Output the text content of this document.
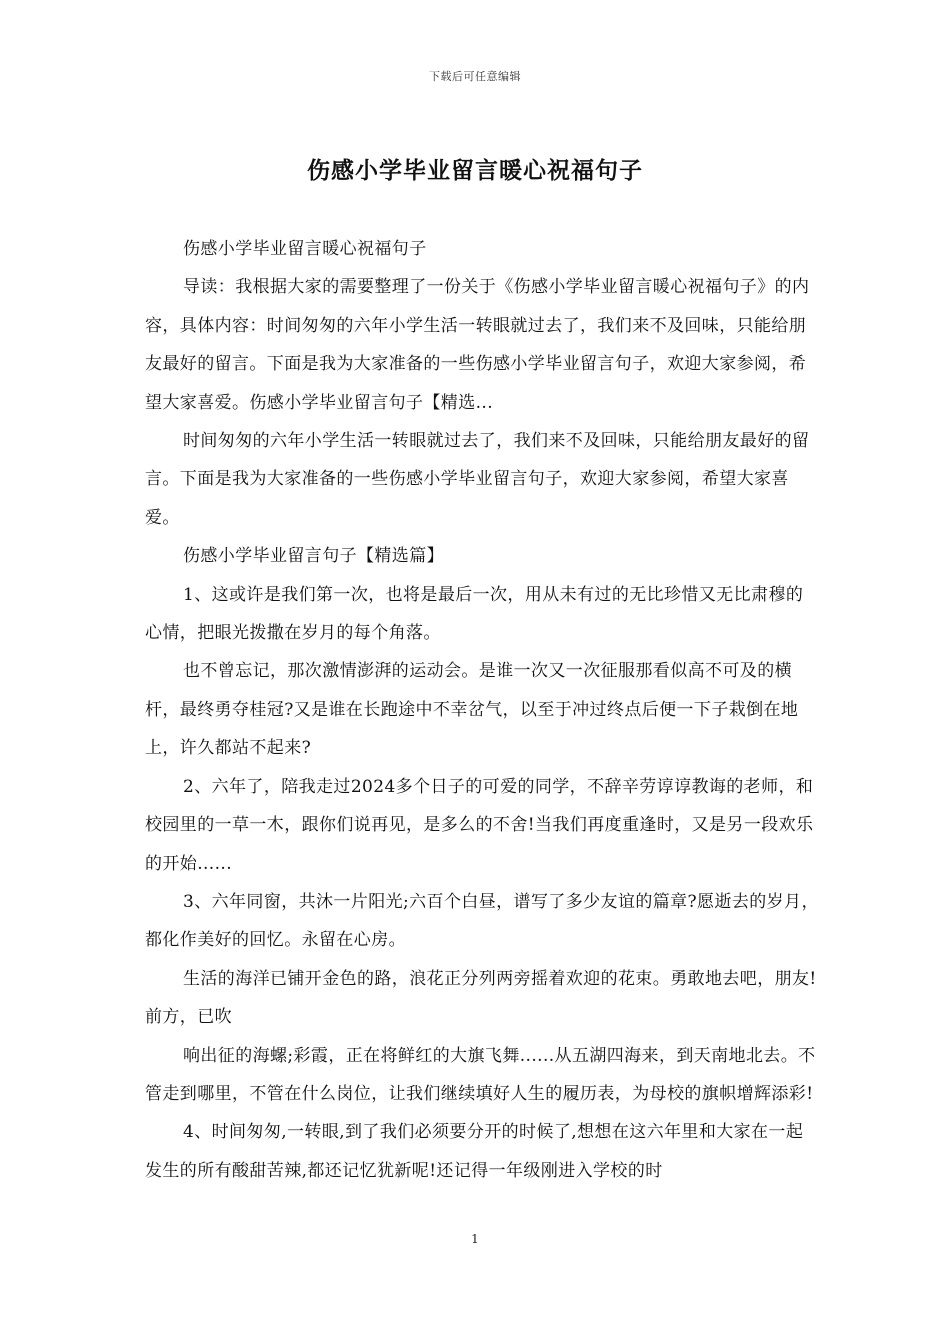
下载后可任意编辑
伤感小学毕业留言暖心祝福句子

伤感小学毕业留言暖心祝福句子

导读：我根据大家的需要整理了一份关于《伤感小学毕业留言暖心祝福句子》的内容，具体内容：时间匆匆的六年小学生活一转眼就过去了，我们来不及回味，只能给朋友最好的留言。下面是我为大家准备的一些伤感小学毕业留言句子，欢迎大家参阅，希望大家喜爱。伤感小学毕业留言句子【精选...

时间匆匆的六年小学生活一转眼就过去了，我们来不及回味，只能给朋友最好的留言。下面是我为大家准备的一些伤感小学毕业留言句子，欢迎大家参阅，希望大家喜爱。

伤感小学毕业留言句子【精选篇】

1、这或许是我们第一次，也将是最后一次，用从未有过的无比珍惜又无比肃穆的心情，把眼光拨撒在岁月的每个角落。

也不曾忘记，那次激情澎湃的运动会。是谁一次又一次征服那看似高不可及的横杆，最终勇夺桂冠?又是谁在长跑途中不幸岔气，以至于冲过终点后便一下子栽倒在地上，许久都站不起来?

2、六年了，陪我走过2024多个日子的可爱的同学，不辞辛劳谆谆教诲的老师，和校园里的一草一木，跟你们说再见，是多么的不舍!当我们再度重逢时，又是另一段欢乐的开始......

3、六年同窗，共沐一片阳光;六百个白昼，谱写了多少友谊的篇章?愿逝去的岁月，都化作美好的回忆。永留在心房。

生活的海洋已铺开金色的路，浪花正分列两旁摇着欢迎的花束。勇敢地去吧，朋友!前方，已吹

响出征的海螺;彩霞，正在将鲜红的大旗飞舞......从五湖四海来，到天南地北去。不管走到哪里，不管在什么岗位，让我们继续填好人生的履历表，为母校的旗帜增辉添彩!

4、时间匆匆,一转眼,到了我们必须要分开的时候了,想想在这六年里和大家在一起发生的所有酸甜苦辣,都还记忆犹新呢!还记得一年级刚进入学校的时

1
